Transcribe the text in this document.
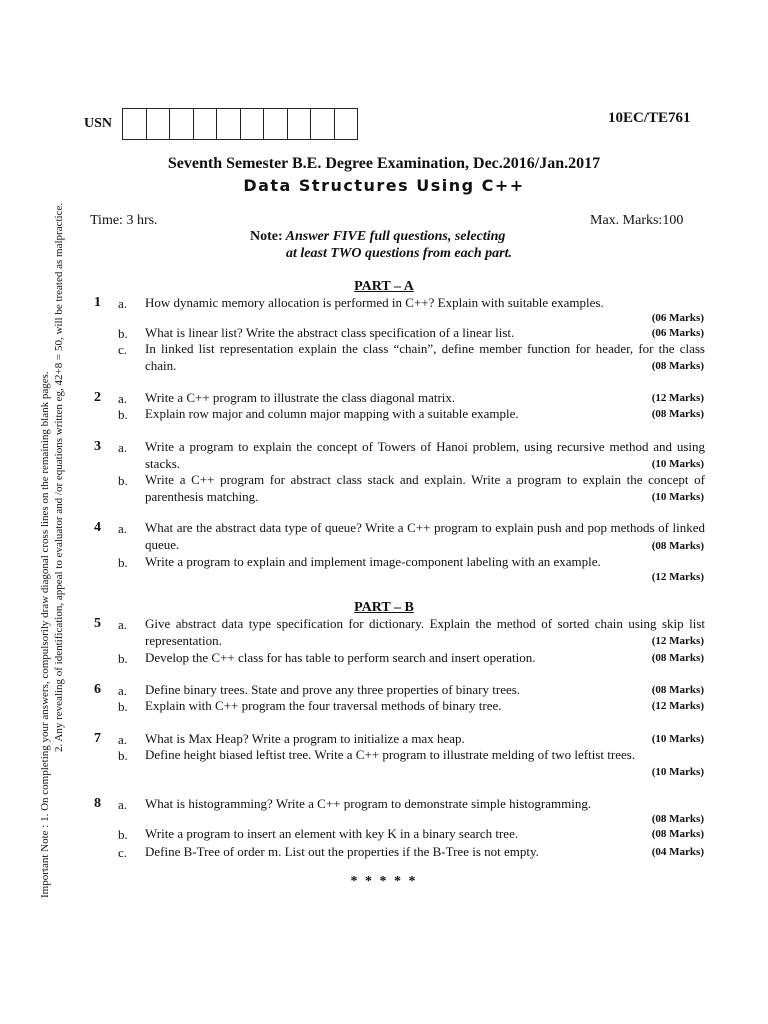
USN	10EC/TE761
Seventh Semester B.E. Degree Examination, Dec.2016/Jan.2017
Data Structures Using C++
Time: 3 hrs.	Max. Marks:100
Note: Answer FIVE full questions, selecting
at least TWO questions from each part.
Important Note : 1. On completing your answers, compulsorily draw diagonal cross lines on the remaining blank pages. 2. Any revealing of identification, appeal to evaluator and /or equations written eg, 42+8 = 50, will be treated as malpractice.	PART – A
1 a. How dynamic memory allocation is performed in C++? Explain with suitable examples.
(06 Marks)
b. What is linear list? Write the abstract class specification of a linear list.	(06 Marks)
c. In linked list representation explain the class “chain”, define member function for header, for the class chain.	(08 Marks)
2 a. Write a C++ program to illustrate the class diagonal matrix.	(12 Marks)
b. Explain row major and column major mapping with a suitable example.	(08 Marks)
3 a. Write a program to explain the concept of Towers of Hanoi problem, using recursive method and using stacks.	(10 Marks)
b. Write a C++ program for abstract class stack and explain. Write a program to explain the concept of parenthesis matching.	(10 Marks)
4 a. What are the abstract data type of queue? Write a C++ program to explain push and pop methods of linked queue.	(08 Marks)
b. Write a program to explain and implement image-component labeling with an example.
(12 Marks)
PART – B
5 a. Give abstract data type specification for dictionary. Explain the method of sorted chain using skip list representation.	(12 Marks)
b. Develop the C++ class for has table to perform search and insert operation.	(08 Marks)
6 a. Define binary trees. State and prove any three properties of binary trees.	(08 Marks)
b. Explain with C++ program the four traversal methods of binary tree.	(12 Marks)
7 a. What is Max Heap? Write a program to initialize a max heap.	(10 Marks)
b. Define height biased leftist tree. Write a C++ program to illustrate melding of two leftist trees.
(10 Marks)
8 a. What is histogramming? Write a C++ program to demonstrate simple histogramming.
(08 Marks)
b. Write a program to insert an element with key K in a binary search tree.	(08 Marks)
c. Define B-Tree of order m. List out the properties if the B-Tree is not empty.	(04 Marks)
* * * * *
